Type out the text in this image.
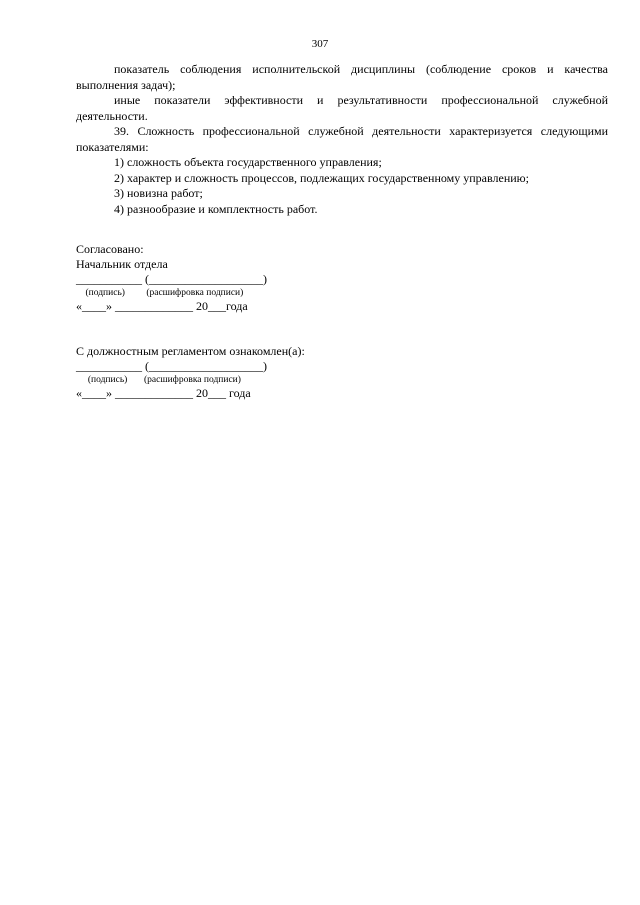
307

показатель соблюдения исполнительской дисциплины (соблюдение сроков и качества выполнения задач);

иные показатели эффективности и результативности профессиональной служебной деятельности.

39. Сложность профессиональной служебной деятельности характеризуется следующими показателями:

1) сложность объекта государственного управления;

2) характер и сложность процессов, подлежащих государственному управлению;

3) новизна работ;

4) разнообразие и комплектность работ.

Согласовано:

Начальник отдела

___________ (___________________)

(подпись)         (расшифровка подписи)

«____» _____________ 20___года

С должностным регламентом ознакомлен(а):

___________ (___________________)

(подпись)       (расшифровка подписи)

«____» _____________ 20___ года
